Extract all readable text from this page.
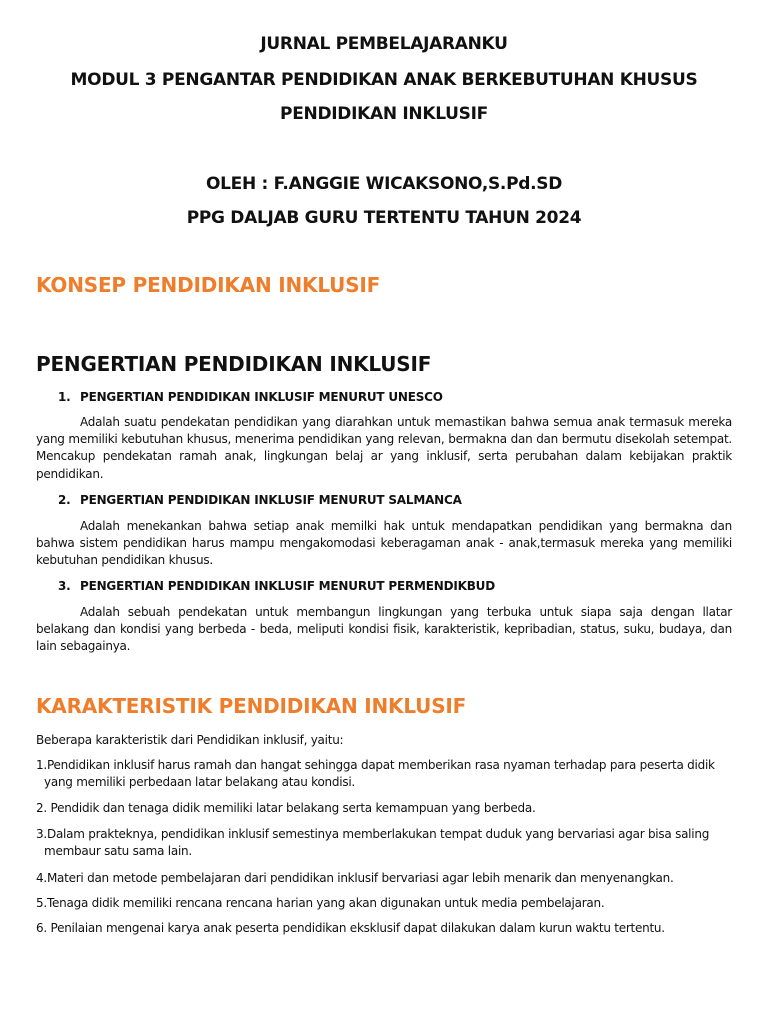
JURNAL PEMBELAJARANKU
MODUL 3 PENGANTAR PENDIDIKAN ANAK BERKEBUTUHAN KHUSUS
PENDIDIKAN INKLUSIF
OLEH : F.ANGGIE WICAKSONO,S.Pd.SD
PPG DALJAB GURU TERTENTU TAHUN 2024
KONSEP PENDIDIKAN INKLUSIF
PENGERTIAN PENDIDIKAN INKLUSIF
1. PENGERTIAN PENDIDIKAN INKLUSIF MENURUT UNESCO

Adalah suatu pendekatan pendidikan yang diarahkan untuk memastikan bahwa semua anak termasuk mereka yang memiliki kebutuhan khusus, menerima pendidikan yang relevan, bermakna dan dan bermutu disekolah setempat. Mencakup pendekatan ramah anak, lingkungan belaj ar yang inklusif, serta perubahan dalam kebijakan praktik pendidikan.

2. PENGERTIAN PENDIDIKAN INKLUSIF MENURUT SALMANCA

Adalah menekankan bahwa setiap anak memilki hak untuk mendapatkan pendidikan yang bermakna dan bahwa sistem pendidikan harus mampu mengakomodasi keberagaman anak - anak,termasuk mereka yang memiliki kebutuhan pendidikan khusus.

3. PENGERTIAN PENDIDIKAN INKLUSIF MENURUT PERMENDIKBUD

Adalah sebuah pendekatan untuk membangun lingkungan yang terbuka untuk siapa saja dengan llatar belakang dan kondisi yang berbeda - beda, meliputi kondisi fisik, karakteristik, kepribadian, status, suku, budaya, dan lain sebagainya.

KARAKTERISTIK PENDIDIKAN INKLUSIF
Beberapa karakteristik dari Pendidikan inklusif, yaitu:
1.Pendidikan inklusif harus ramah dan hangat sehingga dapat memberikan rasa nyaman terhadap para peserta didik yang memiliki perbedaan latar belakang atau kondisi.
2. Pendidik dan tenaga didik memiliki latar belakang serta kemampuan yang berbeda.
3.Dalam prakteknya, pendidikan inklusif semestinya memberlakukan tempat duduk yang bervariasi agar bisa saling membaur satu sama lain.
4.Materi dan metode pembelajaran dari pendidikan inklusif bervariasi agar lebih menarik dan menyenangkan.
5.Tenaga didik memiliki rencana rencana harian yang akan digunakan untuk media pembelajaran.
6. Penilaian mengenai karya anak peserta pendidikan eksklusif dapat dilakukan dalam kurun waktu tertentu.
